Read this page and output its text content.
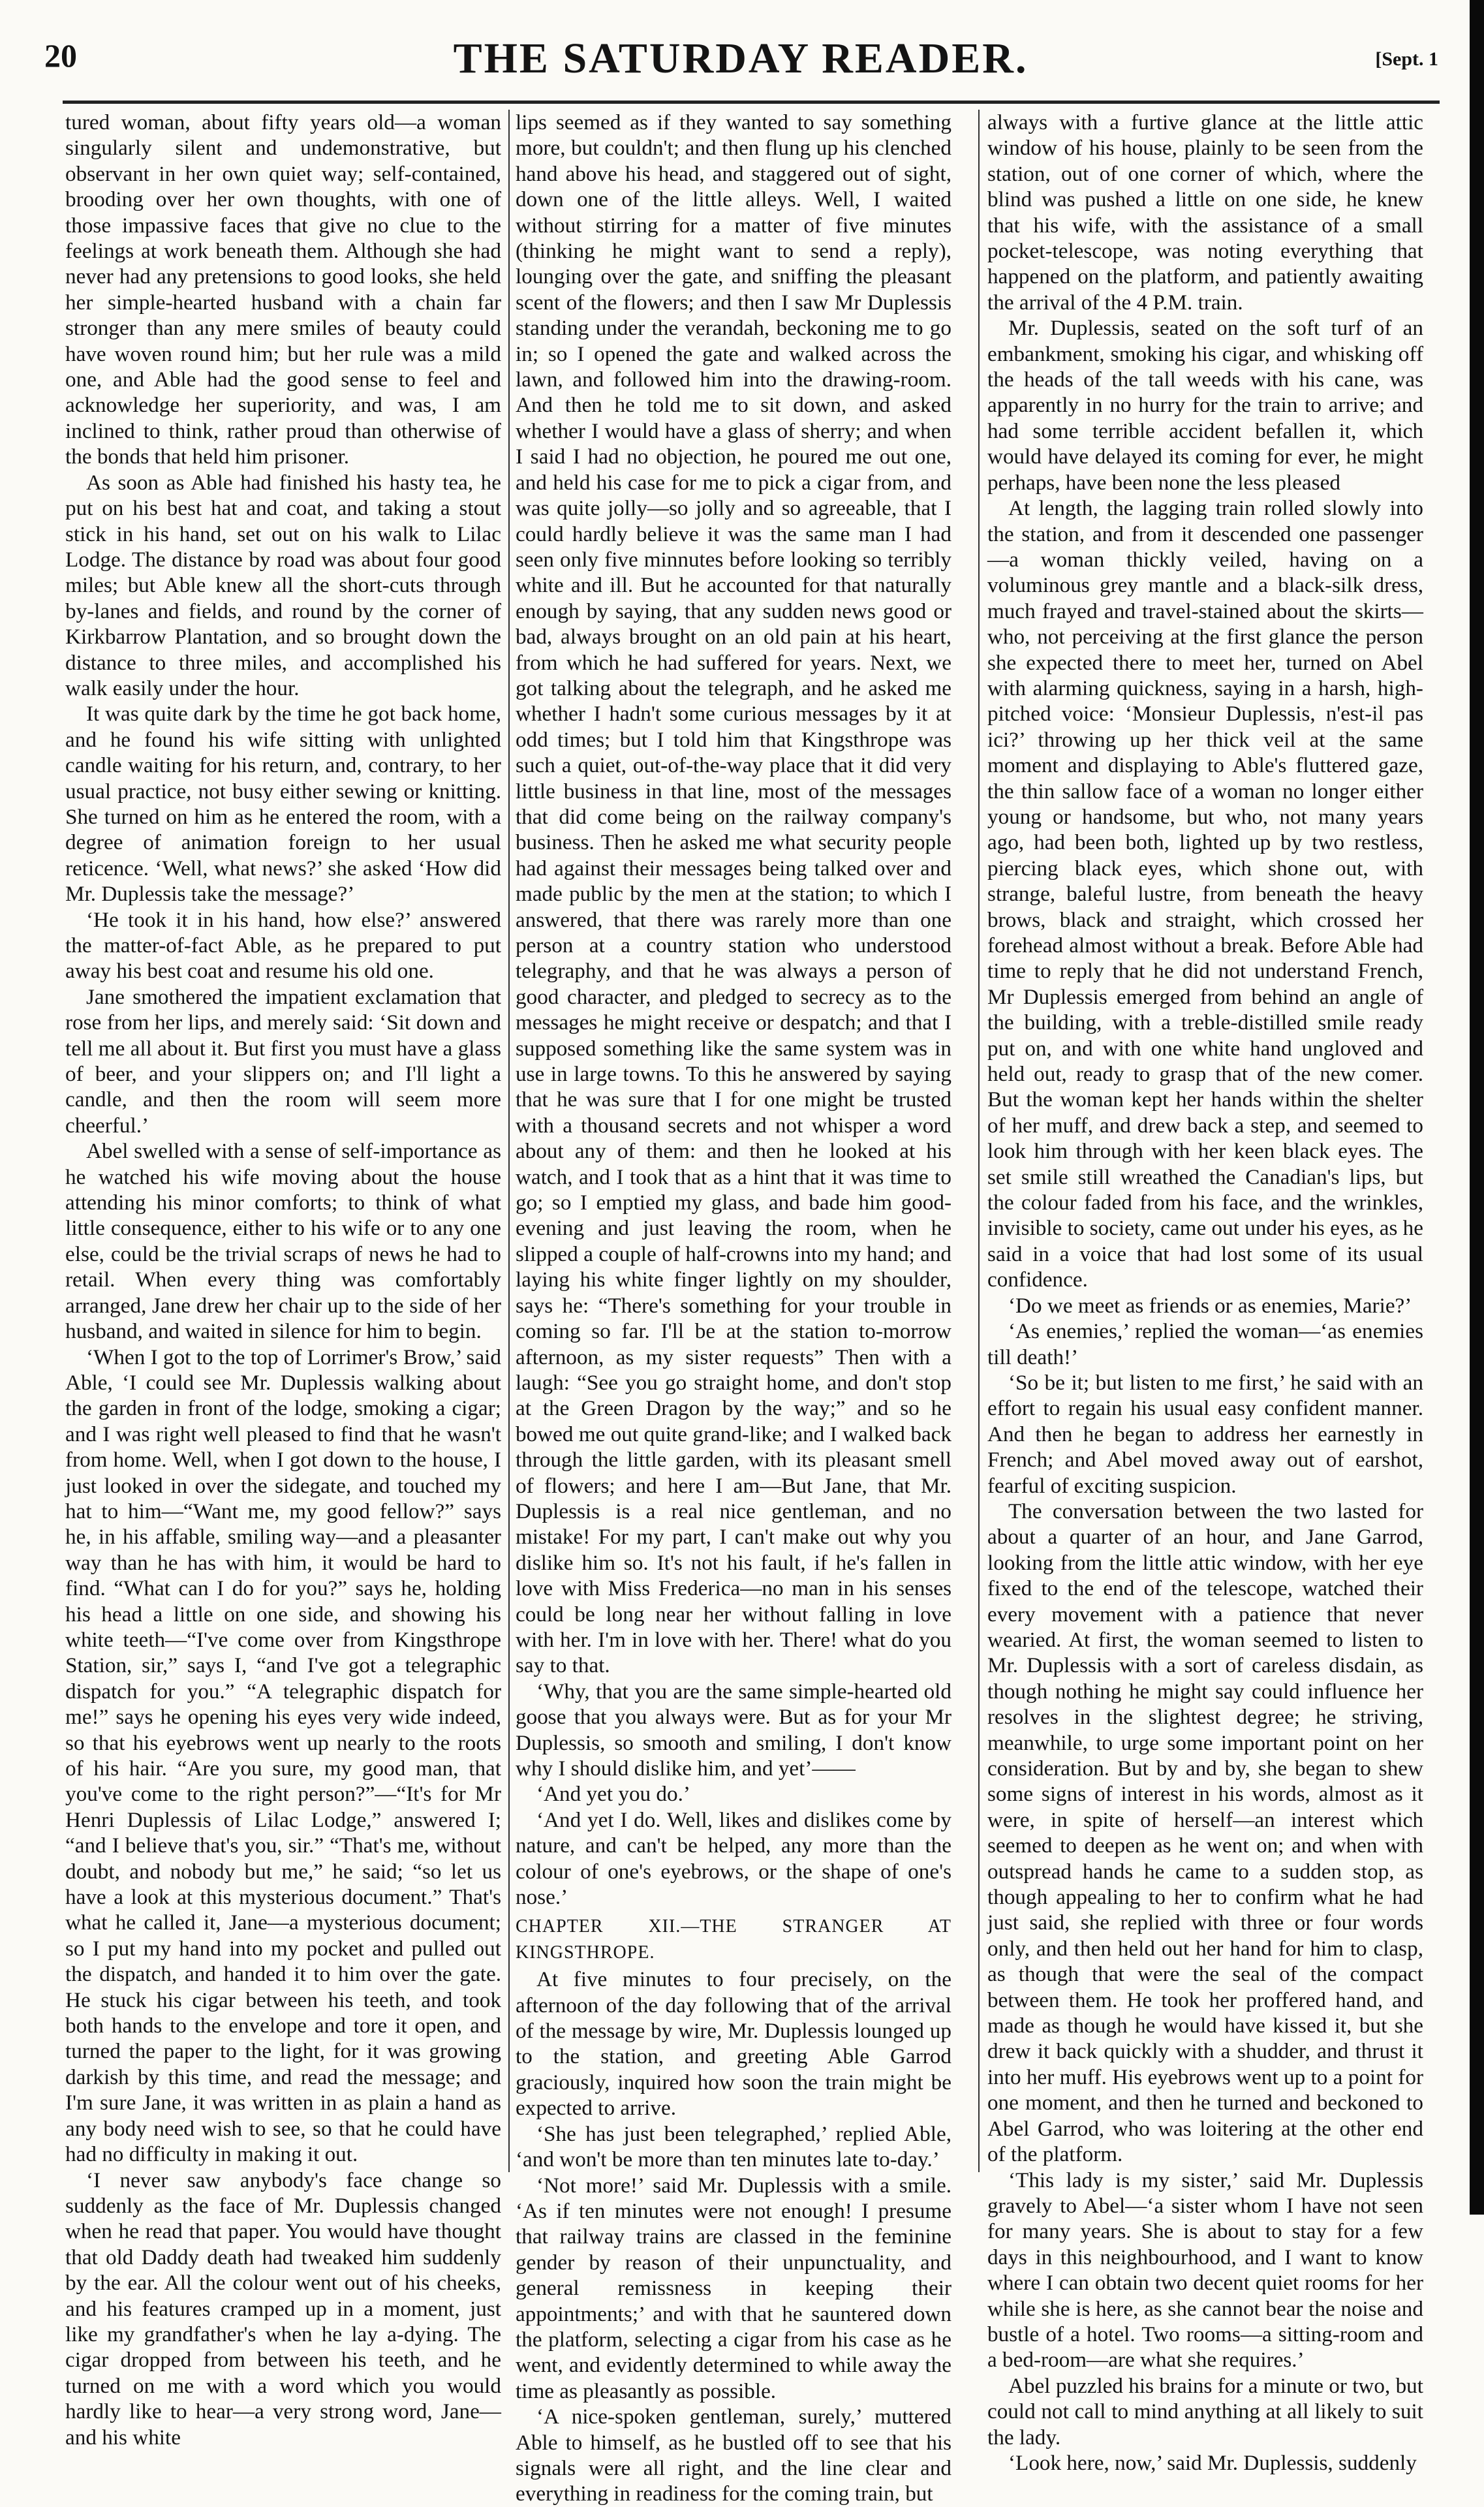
20	THE SATURDAY READER.	[Sept. 1

tured woman, about fifty years old—a woman singularly silent and undemonstrative, but observant in her own quiet way; self-contained, brooding over her own thoughts, with one of those impassive faces that give no clue to the feelings at work beneath them. Although she had never had any pretensions to good looks, she held her simple-hearted husband with a chain far stronger than any mere smiles of beauty could have woven round him; but her rule was a mild one, and Able had the good sense to feel and acknowledge her superiority, and was, I am inclined to think, rather proud than otherwise of the bonds that held him prisoner.

As soon as Able had finished his hasty tea, he put on his best hat and coat, and taking a stout stick in his hand, set out on his walk to Lilac Lodge. The distance by road was about four good miles; but Able knew all the short-cuts through by-lanes and fields, and round by the corner of Kirkbarrow Plantation, and so brought down the distance to three miles, and accomplished his walk easily under the hour.

It was quite dark by the time he got back home, and he found his wife sitting with unlighted candle waiting for his return, and, contrary, to her usual practice, not busy either sewing or knitting. She turned on him as he entered the room, with a degree of animation foreign to her usual reticence. ‘Well, what news?’ she asked ‘How did Mr. Duplessis take the message?’

‘He took it in his hand, how else?’ answered the matter-of-fact Able, as he prepared to put away his best coat and resume his old one.

Jane smothered the impatient exclamation that rose from her lips, and merely said: ‘Sit down and tell me all about it. But first you must have a glass of beer, and your slippers on; and I'll light a candle, and then the room will seem more cheerful.’

Abel swelled with a sense of self-importance as he watched his wife moving about the house attending his minor comforts; to think of what little consequence, either to his wife or to any one else, could be the trivial scraps of news he had to retail. When every thing was comfortably arranged, Jane drew her chair up to the side of her husband, and waited in silence for him to begin.

‘When I got to the top of Lorrimer's Brow,’ said Able, ‘I could see Mr. Duplessis walking about the garden in front of the lodge, smoking a cigar; and I was right well pleased to find that he wasn't from home. Well, when I got down to the house, I just looked in over the sidegate, and touched my hat to him—“Want me, my good fellow?” says he, in his affable, smiling way—and a pleasanter way than he has with him, it would be hard to find. “What can I do for you?” says he, holding his head a little on one side, and showing his white teeth—“I've come over from Kingsthrope Station, sir,” says I, “and I've got a telegraphic dispatch for you.” “A telegraphic dispatch for me!” says he opening his eyes very wide indeed, so that his eyebrows went up nearly to the roots of his hair. “Are you sure, my good man, that you've come to the right person?”—“It's for Mr Henri Duplessis of Lilac Lodge,” answered I; “and I believe that's you, sir.” “That's me, without doubt, and nobody but me,” he said; “so let us have a look at this mysterious document.” That's what he called it, Jane—a mysterious document; so I put my hand into my pocket and pulled out the dispatch, and handed it to him over the gate. He stuck his cigar between his teeth, and took both hands to the envelope and tore it open, and turned the paper to the light, for it was growing darkish by this time, and read the message; and I'm sure Jane, it was written in as plain a hand as any body need wish to see, so that he could have had no difficulty in making it out.

‘I never saw anybody's face change so suddenly as the face of Mr. Duplessis changed when he read that paper. You would have thought that old Daddy death had tweaked him suddenly by the ear. All the colour went out of his cheeks, and his features cramped up in a moment, just like my grandfather's when he lay a-dying. The cigar dropped from between his teeth, and he turned on me with a word which you would hardly like to hear—a very strong word, Jane—and his white

lips seemed as if they wanted to say something more, but couldn't; and then flung up his clenched hand above his head, and staggered out of sight, down one of the little alleys. Well, I waited without stirring for a matter of five minutes (thinking he might want to send a reply), lounging over the gate, and sniffing the pleasant scent of the flowers; and then I saw Mr Duplessis standing under the verandah, beckoning me to go in; so I opened the gate and walked across the lawn, and followed him into the drawing-room. And then he told me to sit down, and asked whether I would have a glass of sherry; and when I said I had no objection, he poured me out one, and held his case for me to pick a cigar from, and was quite jolly—so jolly and so agreeable, that I could hardly believe it was the same man I had seen only five minnutes before looking so terribly white and ill. But he accounted for that naturally enough by saying, that any sudden news good or bad, always brought on an old pain at his heart, from which he had suffered for years. Next, we got talking about the telegraph, and he asked me whether I hadn't some curious messages by it at odd times; but I told him that Kingsthrope was such a quiet, out-of-the-way place that it did very little business in that line, most of the messages that did come being on the railway company's business. Then he asked me what security people had against their messages being talked over and made public by the men at the station; to which I answered, that there was rarely more than one person at a country station who understood telegraphy, and that he was always a person of good character, and pledged to secrecy as to the messages he might receive or despatch; and that I supposed something like the same system was in use in large towns. To this he answered by saying that he was sure that I for one might be trusted with a thousand secrets and not whisper a word about any of them: and then he looked at his watch, and I took that as a hint that it was time to go; so I emptied my glass, and bade him good-evening and just leaving the room, when he slipped a couple of half-crowns into my hand; and laying his white finger lightly on my shoulder, says he: “There's something for your trouble in coming so far. I'll be at the station to-morrow afternoon, as my sister requests” Then with a laugh: “See you go straight home, and don't stop at the Green Dragon by the way;” and so he bowed me out quite grand-like; and I walked back through the little garden, with its pleasant smell of flowers; and here I am—But Jane, that Mr. Duplessis is a real nice gentleman, and no mistake! For my part, I can't make out why you dislike him so. It's not his fault, if he's fallen in love with Miss Frederica—no man in his senses could be long near her without falling in love with her. I'm in love with her. There! what do you say to that.

‘Why, that you are the same simple-hearted old goose that you always were. But as for your Mr Duplessis, so smooth and smiling, I don't know why I should dislike him, and yet’——

‘And yet you do.’

‘And yet I do. Well, likes and dislikes come by nature, and can't be helped, any more than the colour of one's eyebrows, or the shape of one's nose.’

CHAPTER XII.—THE STRANGER AT KINGSTHROPE.

At five minutes to four precisely, on the afternoon of the day following that of the arrival of the message by wire, Mr. Duplessis lounged up to the station, and greeting Able Garrod graciously, inquired how soon the train might be expected to arrive.

‘She has just been telegraphed,’ replied Able, ‘and won't be more than ten minutes late to-day.’

‘Not more!’ said Mr. Duplessis with a smile. ‘As if ten minutes were not enough! I presume that railway trains are classed in the feminine gender by reason of their unpunctuality, and general remissness in keeping their appointments;’ and with that he sauntered down the platform, selecting a cigar from his case as he went, and evidently determined to while away the time as pleasantly as possible.

‘A nice-spoken gentleman, surely,’ muttered Able to himself, as he bustled off to see that his signals were all right, and the line clear and everything in readiness for the coming train, but

always with a furtive glance at the little attic window of his house, plainly to be seen from the station, out of one corner of which, where the blind was pushed a little on one side, he knew that his wife, with the assistance of a small pocket-telescope, was noting everything that happened on the platform, and patiently awaiting the arrival of the 4 P.M. train.

Mr. Duplessis, seated on the soft turf of an embankment, smoking his cigar, and whisking off the heads of the tall weeds with his cane, was apparently in no hurry for the train to arrive; and had some terrible accident befallen it, which would have delayed its coming for ever, he might perhaps, have been none the less pleased

At length, the lagging train rolled slowly into the station, and from it descended one passenger—a woman thickly veiled, having on a voluminous grey mantle and a black-silk dress, much frayed and travel-stained about the skirts—who, not perceiving at the first glance the person she expected there to meet her, turned on Abel with alarming quickness, saying in a harsh, high-pitched voice: ‘Monsieur Duplessis, n'est-il pas ici?’ throwing up her thick veil at the same moment and displaying to Able's fluttered gaze, the thin sallow face of a woman no longer either young or handsome, but who, not many years ago, had been both, lighted up by two restless, piercing black eyes, which shone out, with strange, baleful lustre, from beneath the heavy brows, black and straight, which crossed her forehead almost without a break. Before Able had time to reply that he did not understand French, Mr Duplessis emerged from behind an angle of the building, with a treble-distilled smile ready put on, and with one white hand ungloved and held out, ready to grasp that of the new comer. But the woman kept her hands within the shelter of her muff, and drew back a step, and seemed to look him through with her keen black eyes. The set smile still wreathed the Canadian's lips, but the colour faded from his face, and the wrinkles, invisible to society, came out under his eyes, as he said in a voice that had lost some of its usual confidence.

‘Do we meet as friends or as enemies, Marie?’

‘As enemies,’ replied the woman—‘as enemies till death!’

‘So be it; but listen to me first,’ he said with an effort to regain his usual easy confident manner. And then he began to address her earnestly in French; and Abel moved away out of earshot, fearful of exciting suspicion.

The conversation between the two lasted for about a quarter of an hour, and Jane Garrod, looking from the little attic window, with her eye fixed to the end of the telescope, watched their every movement with a patience that never wearied. At first, the woman seemed to listen to Mr. Duplessis with a sort of careless disdain, as though nothing he might say could influence her resolves in the slightest degree; he striving, meanwhile, to urge some important point on her consideration. But by and by, she began to shew some signs of interest in his words, almost as it were, in spite of herself—an interest which seemed to deepen as he went on; and when with outspread hands he came to a sudden stop, as though appealing to her to confirm what he had just said, she replied with three or four words only, and then held out her hand for him to clasp, as though that were the seal of the compact between them. He took her proffered hand, and made as though he would have kissed it, but she drew it back quickly with a shudder, and thrust it into her muff. His eyebrows went up to a point for one moment, and then he turned and beckoned to Abel Garrod, who was loitering at the other end of the platform.

‘This lady is my sister,’ said Mr. Duplessis gravely to Abel—‘a sister whom I have not seen for many years. She is about to stay for a few days in this neighbourhood, and I want to know where I can obtain two decent quiet rooms for her while she is here, as she cannot bear the noise and bustle of a hotel. Two rooms—a sitting-room and a bed-room—are what she requires.’

Abel puzzled his brains for a minute or two, but could not call to mind anything at all likely to suit the lady.

‘Look here, now,’ said Mr. Duplessis, suddenly
